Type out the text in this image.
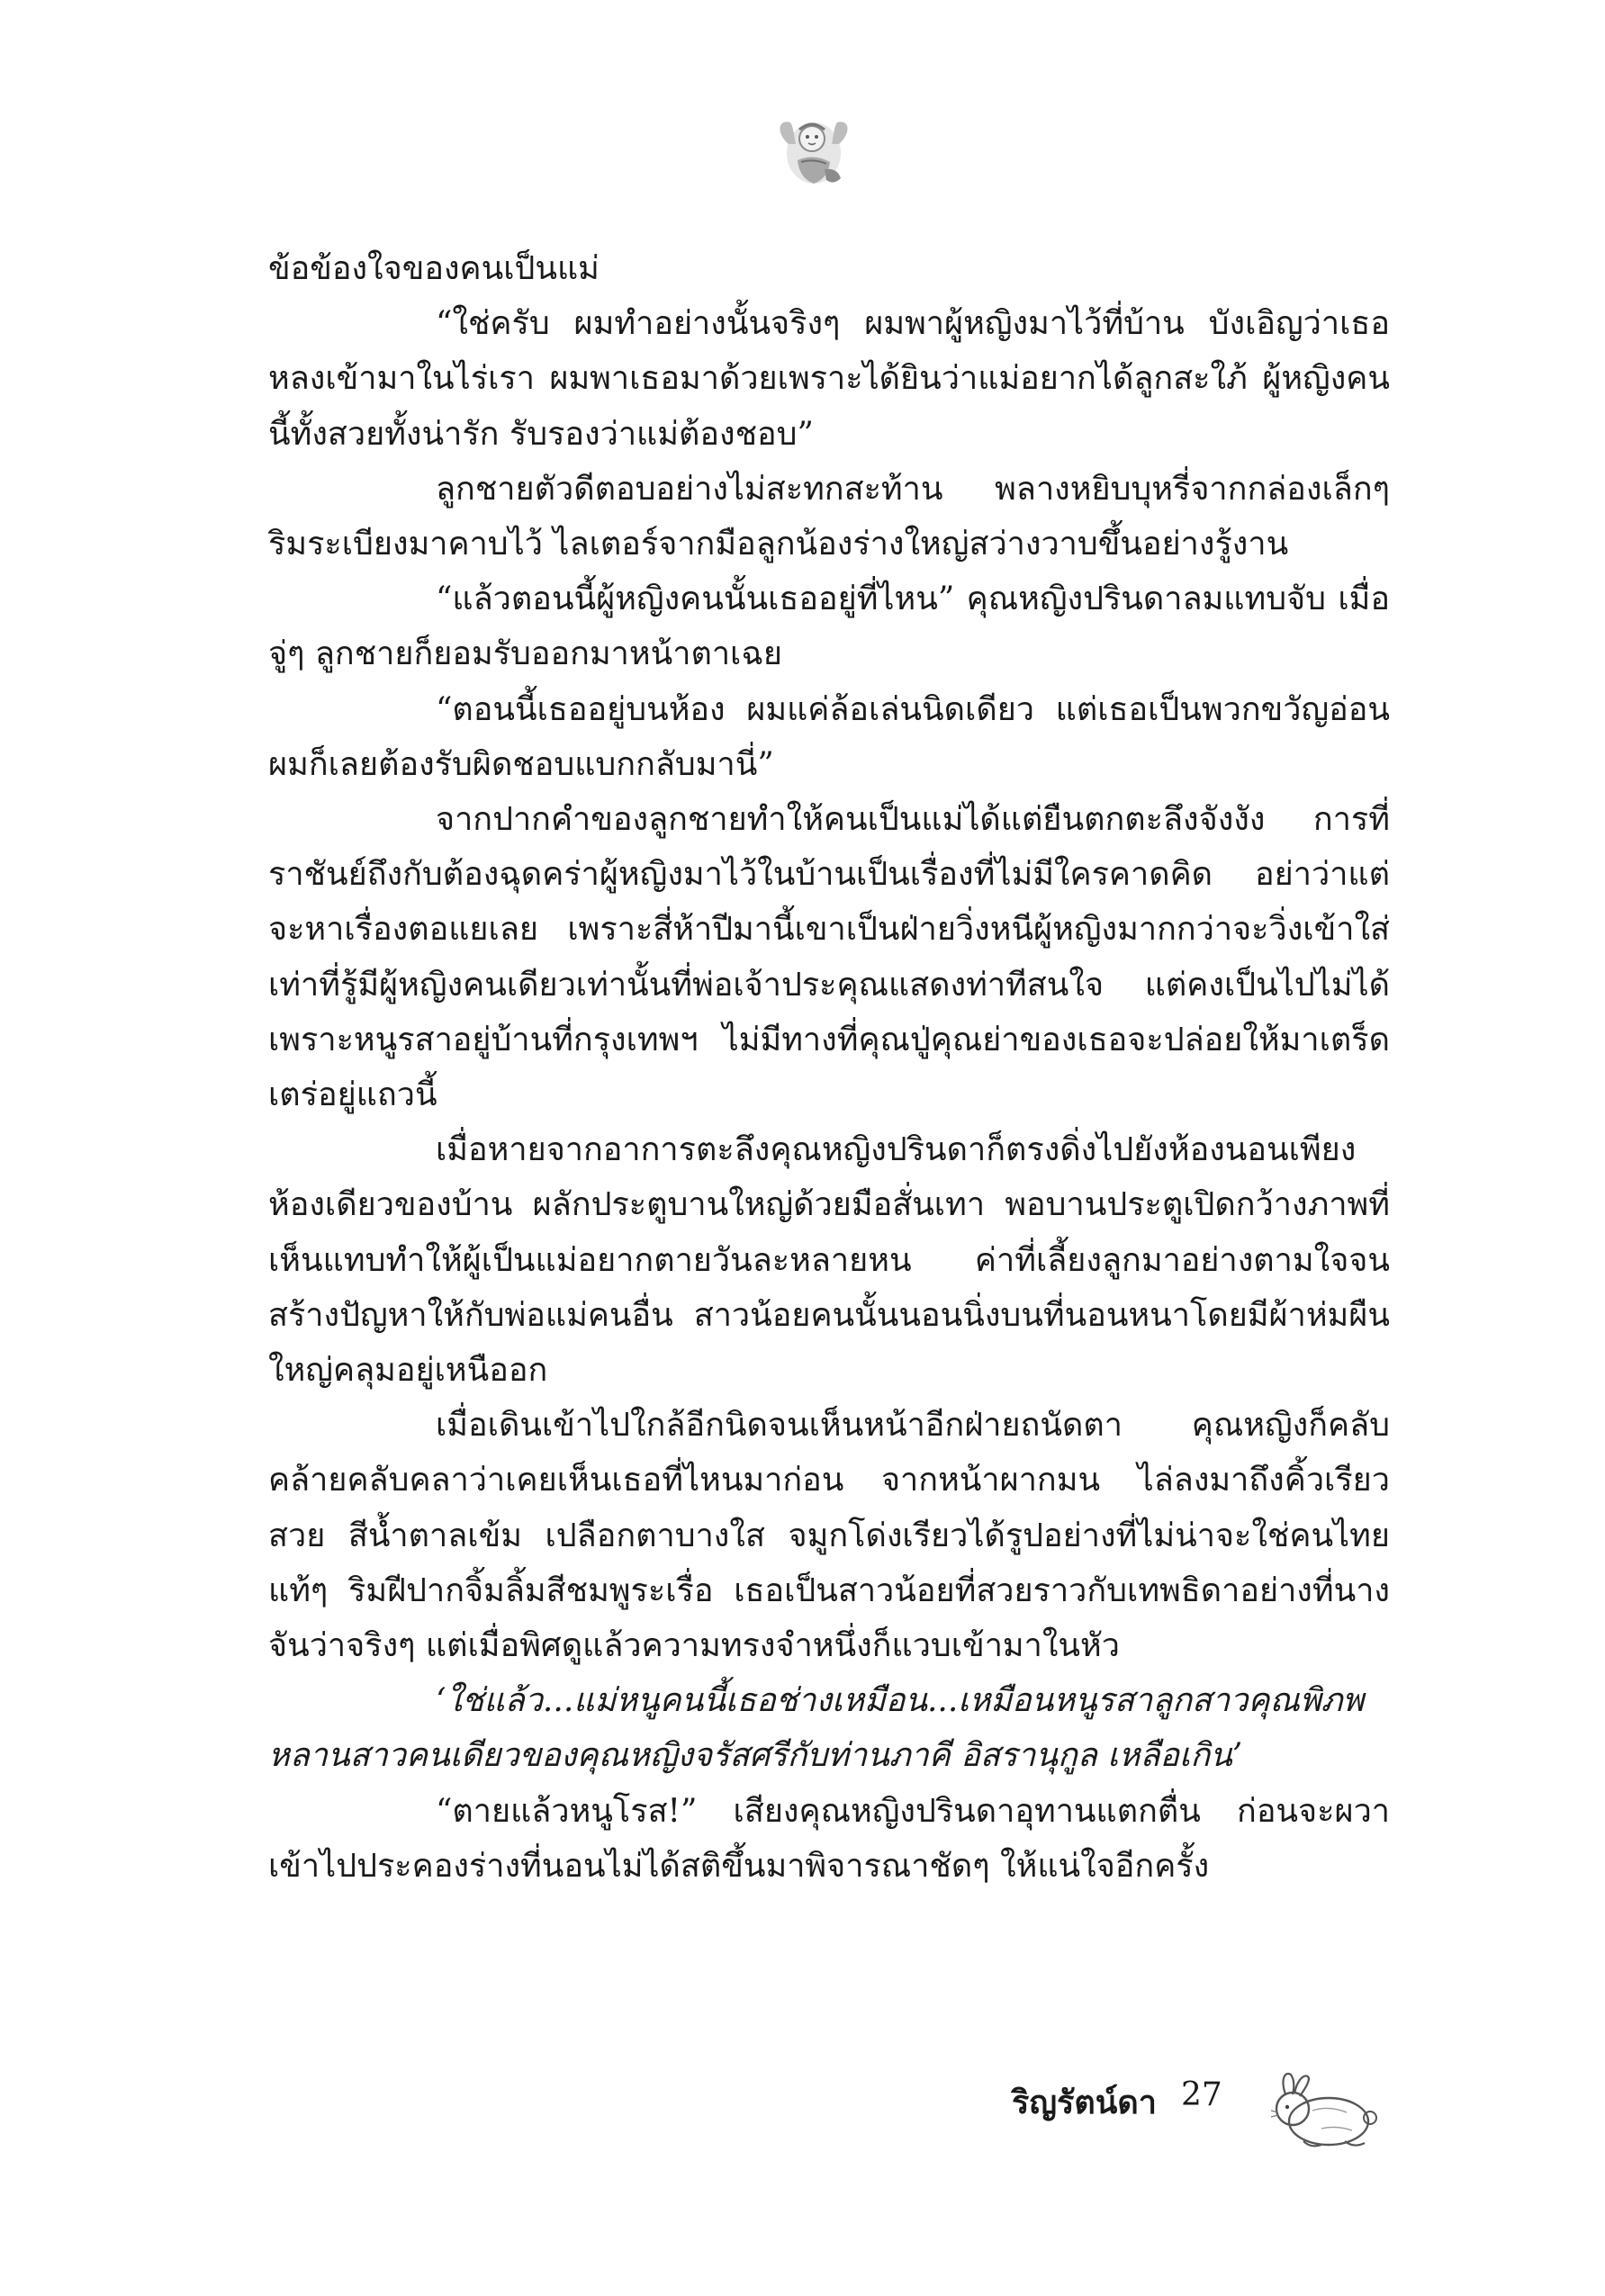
ข้อข้องใจของคนเป็นแม่

“ใช่ครับ ผมทำอย่างนั้นจริงๆ ผมพาผู้หญิงมาไว้ที่บ้าน บังเอิญว่าเธอหลงเข้ามาในไร่เรา ผมพาเธอมาด้วยเพราะได้ยินว่าแม่อยากได้ลูกสะใภ้ ผู้หญิงคนนี้ทั้งสวยทั้งน่ารัก รับรองว่าแม่ต้องชอบ”

ลูกชายตัวดีตอบอย่างไม่สะทกสะท้าน พลางหยิบบุหรี่จากกล่องเล็กๆ ริมระเบียงมาคาบไว้ ไลเตอร์จากมือลูกน้องร่างใหญ่สว่างวาบขึ้นอย่างรู้งาน

“แล้วตอนนี้ผู้หญิงคนนั้นเธออยู่ที่ไหน” คุณหญิงปรินดาลมแทบจับ เมื่อจู่ๆ ลูกชายก็ยอมรับออกมาหน้าตาเฉย

“ตอนนี้เธออยู่บนห้อง ผมแค่ล้อเล่นนิดเดียว แต่เธอเป็นพวกขวัญอ่อน ผมก็เลยต้องรับผิดชอบแบกกลับมานี่”

จากปากคำของลูกชายทำให้คนเป็นแม่ได้แต่ยืนตกตะลึงจังงัง การที่ราชันย์ถึงกับต้องฉุดคร่าผู้หญิงมาไว้ในบ้านเป็นเรื่องที่ไม่มีใครคาดคิด อย่าว่าแต่จะหาเรื่องตอแยเลย เพราะสี่ห้าปีมานี้เขาเป็นฝ่ายวิ่งหนีผู้หญิงมากกว่าจะวิ่งเข้าใส่ เท่าที่รู้มีผู้หญิงคนเดียวเท่านั้นที่พ่อเจ้าประคุณแสดงท่าทีสนใจ แต่คงเป็นไปไม่ได้ เพราะหนูรสาอยู่บ้านที่กรุงเทพฯ ไม่มีทางที่คุณปู่คุณย่าของเธอจะปล่อยให้มาเตร็ดเตร่อยู่แถวนี้

เมื่อหายจากอาการตะลึงคุณหญิงปรินดาก็ตรงดิ่งไปยังห้องนอนเพียงห้องเดียวของบ้าน ผลักประตูบานใหญ่ด้วยมือสั่นเทา พอบานประตูเปิดกว้างภาพที่เห็นแทบทำให้ผู้เป็นแม่อยากตายวันละหลายหน ค่าที่เลี้ยงลูกมาอย่างตามใจจนสร้างปัญหาให้กับพ่อแม่คนอื่น สาวน้อยคนนั้นนอนนิ่งบนที่นอนหนาโดยมีผ้าห่มผืนใหญ่คลุมอยู่เหนืออก

เมื่อเดินเข้าไปใกล้อีกนิดจนเห็นหน้าอีกฝ่ายถนัดตา คุณหญิงก็คลับคล้ายคลับคลาว่าเคยเห็นเธอที่ไหนมาก่อน จากหน้าผากมน ไล่ลงมาถึงคิ้วเรียวสวย สีน้ำตาลเข้ม เปลือกตาบางใส จมูกโด่งเรียวได้รูปอย่างที่ไม่น่าจะใช่คนไทยแท้ๆ ริมฝีปากจิ้มลิ้มสีชมพูระเรื่อ เธอเป็นสาวน้อยที่สวยราวกับเทพธิดาอย่างที่นางจันว่าจริงๆ แต่เมื่อพิศดูแล้วความทรงจำหนึ่งก็แวบเข้ามาในหัว

‘ใช่แล้ว...แม่หนูคนนี้เธอช่างเหมือน...เหมือนหนูรสาลูกสาวคุณพิภพ หลานสาวคนเดียวของคุณหญิงจรัสศรีกับท่านภาคี อิสรานุกูล เหลือเกิน’

“ตายแล้วหนูโรส!” เสียงคุณหญิงปรินดาอุทานแตกตื่น ก่อนจะผวาเข้าไปประคองร่างที่นอนไม่ได้สติขึ้นมาพิจารณาชัดๆ ให้แน่ใจอีกครั้ง

ริญรัตน์ดา 27
